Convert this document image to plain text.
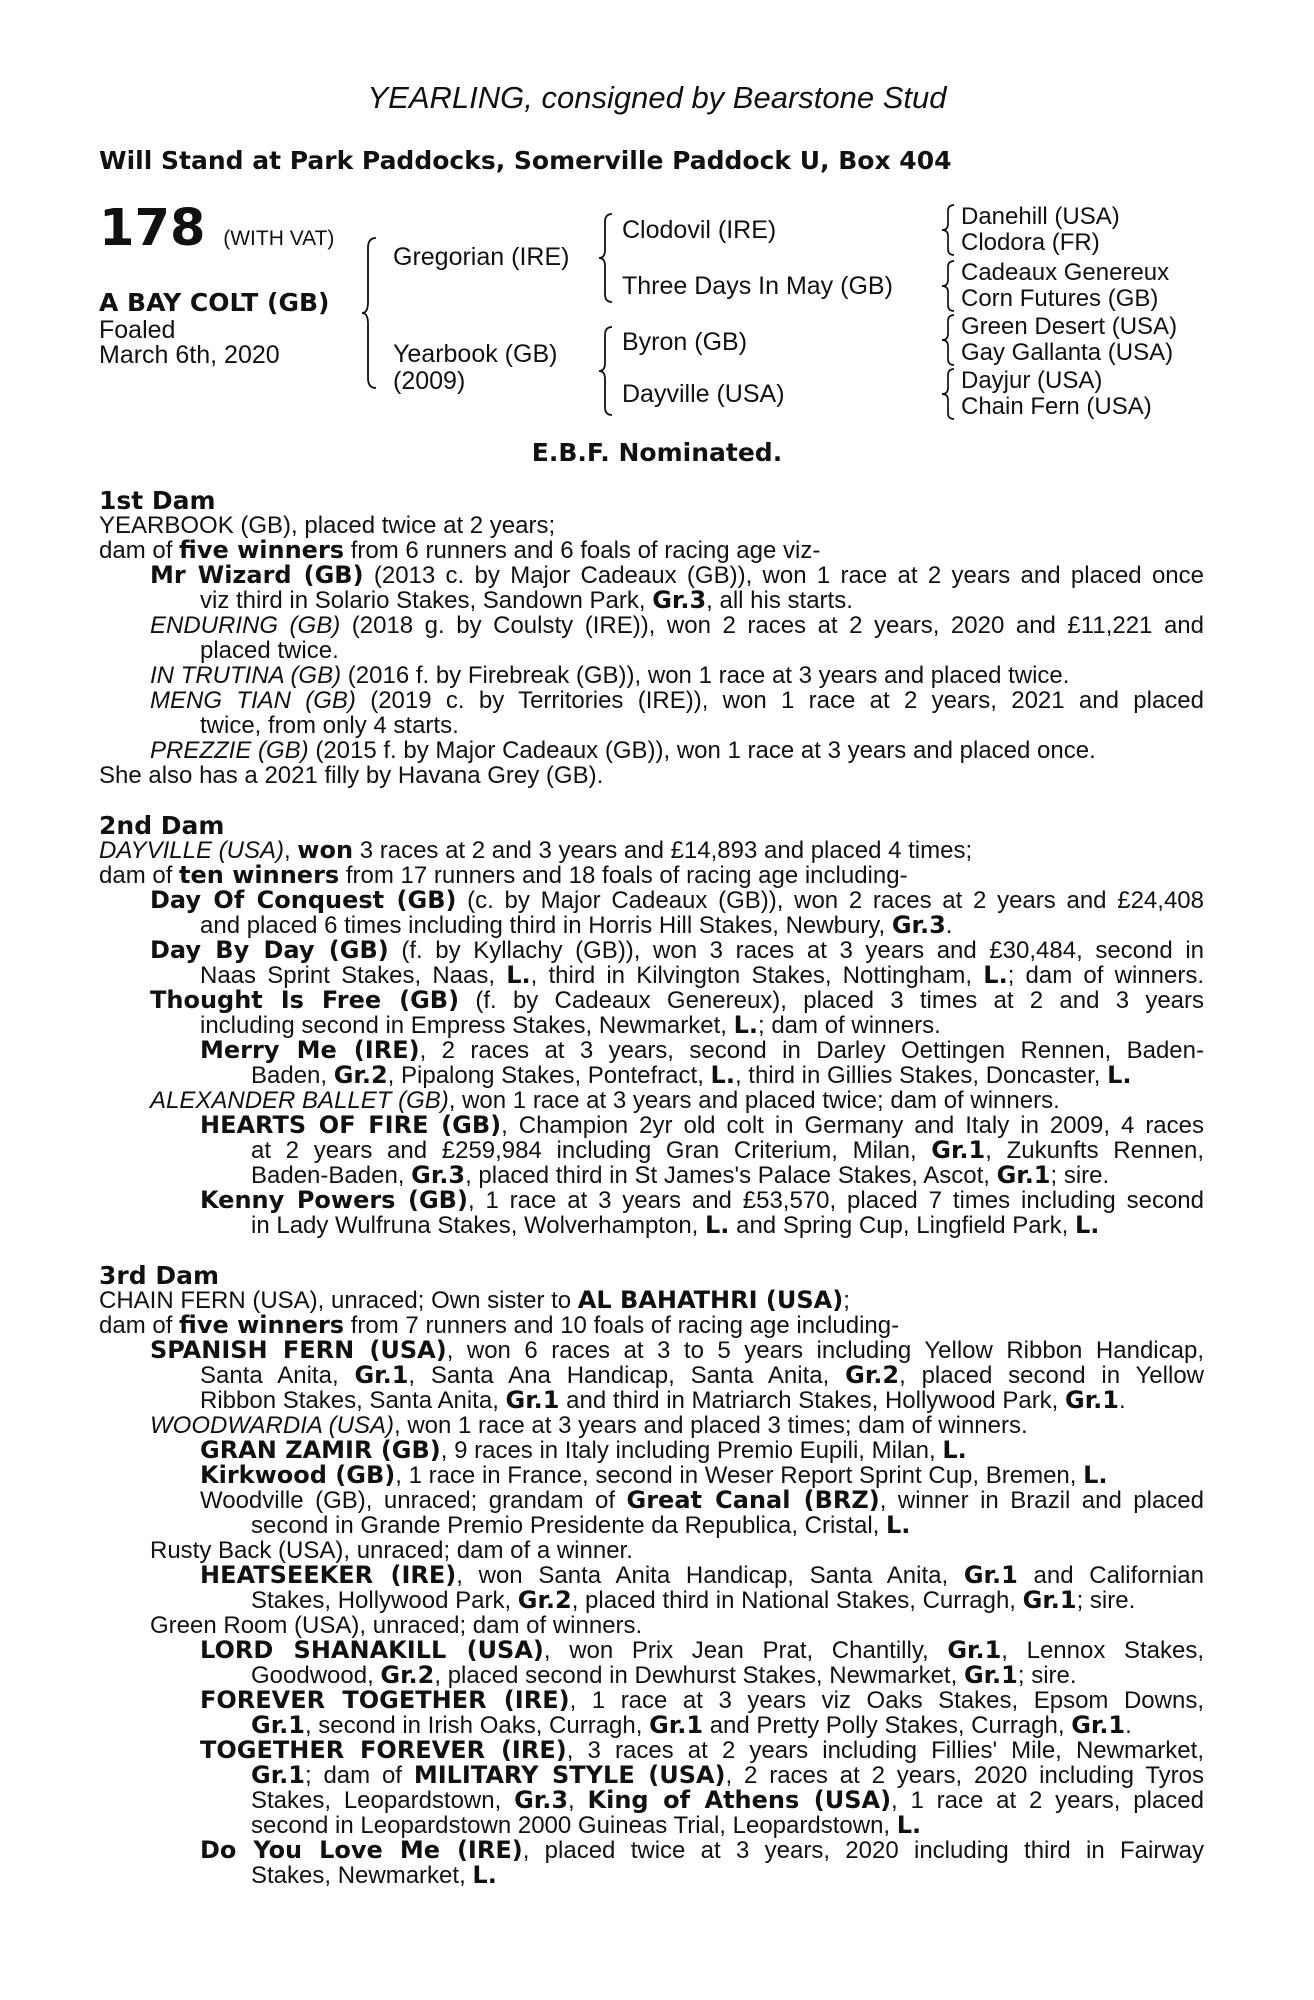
YEARLING, consigned by Bearstone Stud
Will Stand at Park Paddocks, Somerville Paddock U, Box 404
178 (WITH VAT)
A BAY COLT (GB)
Foaled
March 6th, 2020
Gregorian (IRE)
Yearbook (GB)
(2009)
Clodovil (IRE)
Three Days In May (GB)
Byron (GB)
Dayville (USA)
Danehill (USA)
Clodora (FR)
Cadeaux Genereux
Corn Futures (GB)
Green Desert (USA)
Gay Gallanta (USA)
Dayjur (USA)
Chain Fern (USA)
E.B.F. Nominated.
1st Dam
YEARBOOK (GB), placed twice at 2 years;
dam of five winners from 6 runners and 6 foals of racing age viz-
Mr Wizard (GB) (2013 c. by Major Cadeaux (GB)), won 1 race at 2 years and placed once
viz third in Solario Stakes, Sandown Park, Gr.3, all his starts.
ENDURING (GB) (2018 g. by Coulsty (IRE)), won 2 races at 2 years, 2020 and £11,221 and
placed twice.
IN TRUTINA (GB) (2016 f. by Firebreak (GB)), won 1 race at 3 years and placed twice.
MENG TIAN (GB) (2019 c. by Territories (IRE)), won 1 race at 2 years, 2021 and placed
twice, from only 4 starts.
PREZZIE (GB) (2015 f. by Major Cadeaux (GB)), won 1 race at 3 years and placed once.
She also has a 2021 filly by Havana Grey (GB).
2nd Dam
DAYVILLE (USA), won 3 races at 2 and 3 years and £14,893 and placed 4 times;
dam of ten winners from 17 runners and 18 foals of racing age including-
Day Of Conquest (GB) (c. by Major Cadeaux (GB)), won 2 races at 2 years and £24,408
and placed 6 times including third in Horris Hill Stakes, Newbury, Gr.3.
Day By Day (GB) (f. by Kyllachy (GB)), won 3 races at 3 years and £30,484, second in
Naas Sprint Stakes, Naas, L., third in Kilvington Stakes, Nottingham, L.; dam of winners.
Thought Is Free (GB) (f. by Cadeaux Genereux), placed 3 times at 2 and 3 years
including second in Empress Stakes, Newmarket, L.; dam of winners.
Merry Me (IRE), 2 races at 3 years, second in Darley Oettingen Rennen, Baden-
Baden, Gr.2, Pipalong Stakes, Pontefract, L., third in Gillies Stakes, Doncaster, L.
ALEXANDER BALLET (GB), won 1 race at 3 years and placed twice; dam of winners.
HEARTS OF FIRE (GB), Champion 2yr old colt in Germany and Italy in 2009, 4 races
at 2 years and £259,984 including Gran Criterium, Milan, Gr.1, Zukunfts Rennen,
Baden-Baden, Gr.3, placed third in St James's Palace Stakes, Ascot, Gr.1; sire.
Kenny Powers (GB), 1 race at 3 years and £53,570, placed 7 times including second
in Lady Wulfruna Stakes, Wolverhampton, L. and Spring Cup, Lingfield Park, L.
3rd Dam
CHAIN FERN (USA), unraced; Own sister to AL BAHATHRI (USA);
dam of five winners from 7 runners and 10 foals of racing age including-
SPANISH FERN (USA), won 6 races at 3 to 5 years including Yellow Ribbon Handicap,
Santa Anita, Gr.1, Santa Ana Handicap, Santa Anita, Gr.2, placed second in Yellow
Ribbon Stakes, Santa Anita, Gr.1 and third in Matriarch Stakes, Hollywood Park, Gr.1.
WOODWARDIA (USA), won 1 race at 3 years and placed 3 times; dam of winners.
GRAN ZAMIR (GB), 9 races in Italy including Premio Eupili, Milan, L.
Kirkwood (GB), 1 race in France, second in Weser Report Sprint Cup, Bremen, L.
Woodville (GB), unraced; grandam of Great Canal (BRZ), winner in Brazil and placed
second in Grande Premio Presidente da Republica, Cristal, L.
Rusty Back (USA), unraced; dam of a winner.
HEATSEEKER (IRE), won Santa Anita Handicap, Santa Anita, Gr.1 and Californian
Stakes, Hollywood Park, Gr.2, placed third in National Stakes, Curragh, Gr.1; sire.
Green Room (USA), unraced; dam of winners.
LORD SHANAKILL (USA), won Prix Jean Prat, Chantilly, Gr.1, Lennox Stakes,
Goodwood, Gr.2, placed second in Dewhurst Stakes, Newmarket, Gr.1; sire.
FOREVER TOGETHER (IRE), 1 race at 3 years viz Oaks Stakes, Epsom Downs,
Gr.1, second in Irish Oaks, Curragh, Gr.1 and Pretty Polly Stakes, Curragh, Gr.1.
TOGETHER FOREVER (IRE), 3 races at 2 years including Fillies' Mile, Newmarket,
Gr.1; dam of MILITARY STYLE (USA), 2 races at 2 years, 2020 including Tyros
Stakes, Leopardstown, Gr.3, King of Athens (USA), 1 race at 2 years, placed
second in Leopardstown 2000 Guineas Trial, Leopardstown, L.
Do You Love Me (IRE), placed twice at 3 years, 2020 including third in Fairway
Stakes, Newmarket, L.
